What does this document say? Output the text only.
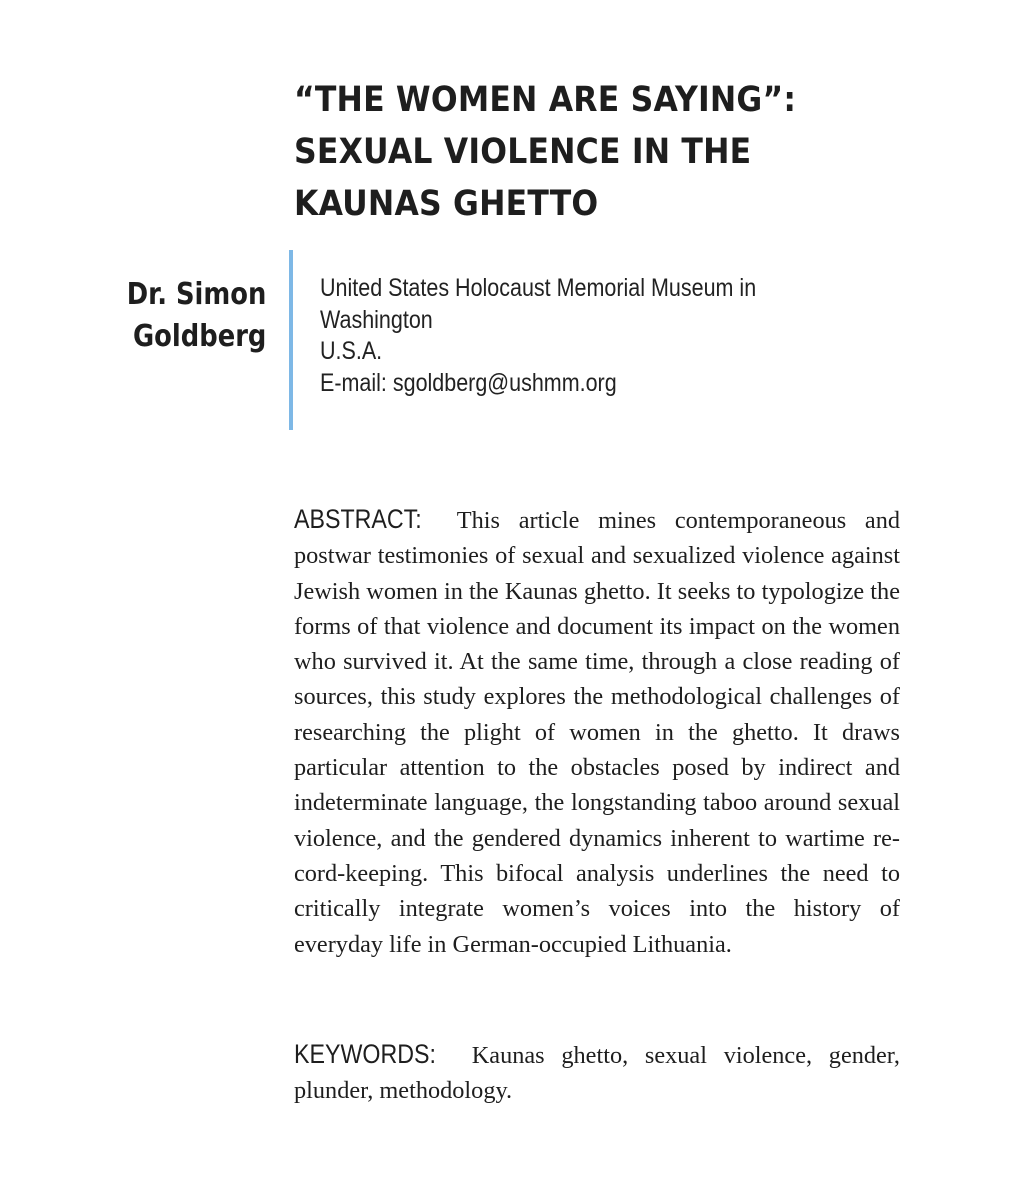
“THE WOMEN ARE SAYING”: SEXUAL VIOLENCE IN THE KAUNAS GHETTO
Dr. Simon
Goldberg
United States Holocaust Memorial Museum in
Washington
U.S.A.
E-mail: sgoldberg@ushmm.org

ABSTRACT: This article mines contemporaneous and postwar testimonies of sexual and sexualized violence against Jewish women in the Kaunas ghetto. It seeks to typologize the forms of that violence and document its impact on the women who survived it. At the same time, through a close reading of sources, this study explores the methodological challenges of researching the plight of women in the ghetto. It draws particular attention to the obstacles posed by indirect and indeterminate language, the longstanding taboo around sexual violence, and the gendered dynamics inherent to wartime record-keeping. This bifocal analysis underlines the need to critically integrate women’s voices into the history of everyday life in German-occupied Lithuania.

KEYWORDS: Kaunas ghetto, sexual violence, gender, plunder, methodology.
